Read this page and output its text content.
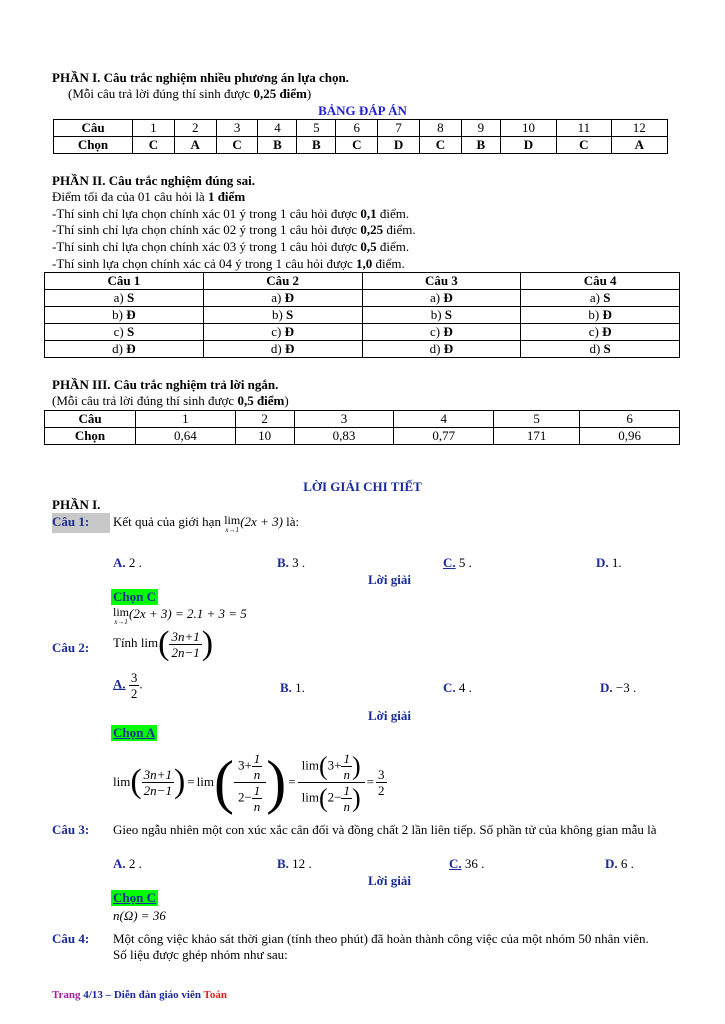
PHẦN I. Câu trắc nghiệm nhiều phương án lựa chọn.
(Mỗi câu trả lời đúng thí sinh được 0,25 điểm)
BẢNG ĐÁP ÁN
Câu	1	2	3	4	5	6	7	8	9	10	11	12
Chọn	C	A	C	B	B	C	D	C	B	D	C	A
PHẦN II. Câu trắc nghiệm đúng sai.
Điểm tối đa của 01 câu hỏi là 1 điểm
-Thí sinh chỉ lựa chọn chính xác 01 ý trong 1 câu hỏi được 0,1 điểm.
-Thí sinh chỉ lựa chọn chính xác 02 ý trong 1 câu hỏi được 0,25 điểm.
-Thí sinh chỉ lựa chọn chính xác 03 ý trong 1 câu hỏi được 0,5 điểm.
-Thí sinh lựa chọn chính xác cả 04 ý trong 1 câu hỏi được 1,0 điểm.
Câu 1	Câu 2	Câu 3	Câu 4
a) S	a) Đ	a) Đ	a) S
b) Đ	b) S	b) S	b) Đ
c) S	c) Đ	c) Đ	c) Đ
d) Đ	d) Đ	d) Đ	d) S
PHẦN III. Câu trắc nghiệm trả lời ngắn.
(Mỗi câu trả lời đúng thí sinh được 0,5 điểm)
Câu	1	2	3	4	5	6
Chọn	0,64	10	0,83	0,77	171	0,96
LỜI GIẢI CHI TIẾT
PHẦN I.
Câu 1:	Kết quả của giới hạn lim
x→1
(2x + 3) là:
A. 2 .	B. 3 .	C. 5 .	D. 1.
Lời giải
Chọn C
lim
x→1
(2x + 3) = 2.1 + 3 = 5
Câu 2: Tính $\lim( \frac{3n+1}{2n-1}$ )
A. $\frac{3}{2}$ .	B. 1.	C. 4 .	D. −3 .
Lời giải
Chọn A
lim ( $\frac{3n+1}{2n-1}$ ) = lim ( $\frac{3+ \frac{1}{n}}{2- \frac{1}{n}}$ ) = $\frac{\lim(3+ \frac{1}{n} )}{\lim(2- \frac{1}{n} )} = \frac{3}{2}$
Câu 3: Gieo ngẫu nhiên một con xúc xắc cân đối và đồng chất 2 lần liên tiếp. Số phần tử của không gian mẫu là
A. 2 .	B. 12 .	C. 36 .	D. 6 .
Lời giải
Chọn C
n(Ω) = 36
Câu 4: Một công việc khảo sát thời gian (tính theo phút) đã hoàn thành công việc của một nhóm 50 nhân viên. Số liệu được ghép nhóm như sau:
Trang 4/13 – Diễn đàn giáo viên Toán
